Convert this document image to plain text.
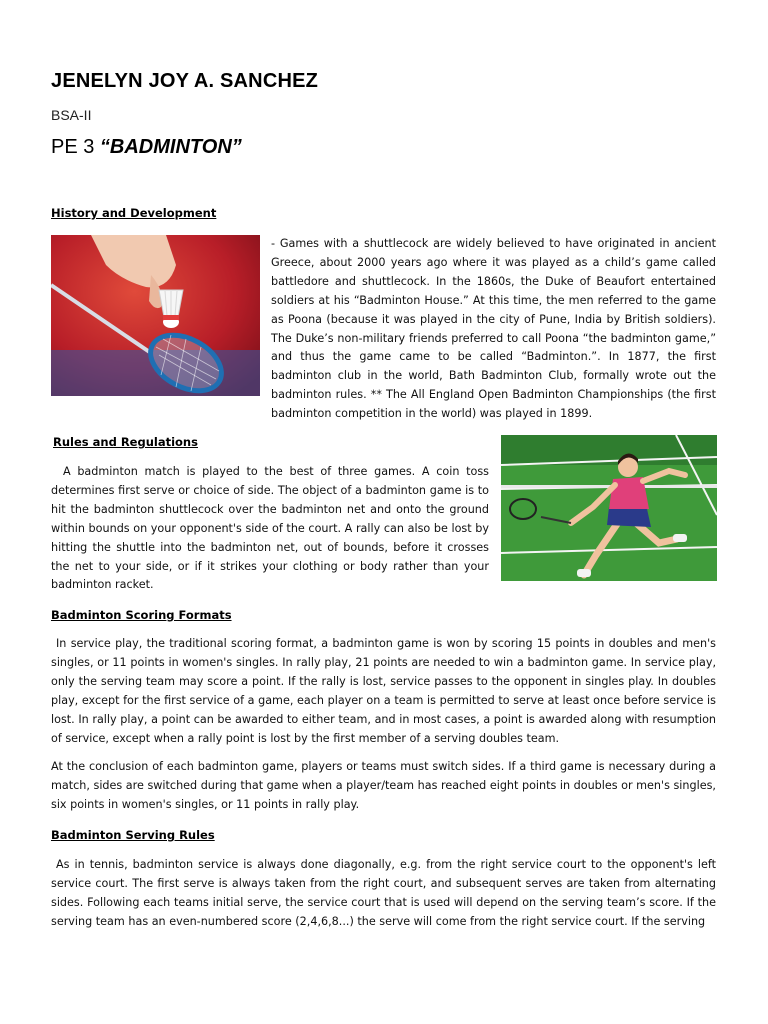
JENELYN JOY A. SANCHEZ
BSA-II
PE 3 “BADMINTON”
History and Development

- Games with a shuttlecock are widely believed to have originated in ancient Greece, about 2000 years ago where it was played as a child’s game called battledore and shuttlecock. In the 1860s, the Duke of Beaufort entertained soldiers at his “Badminton House.” At this time, the men referred to the game as Poona (because it was played in the city of Pune, India by British soldiers). The Duke’s non-military friends preferred to call Poona “the badminton game,” and thus the game came to be called “Badminton.”. In 1877, the first badminton club in the world, Bath Badminton Club, formally wrote out the badminton rules. ** The All England Open Badminton Championships (the first badminton competition in the world) was played in 1899.

Rules and Regulations

A badminton match is played to the best of three games. A coin toss determines first serve or choice of side. The object of a badminton game is to hit the badminton shuttlecock over the badminton net and onto the ground within bounds on your opponent's side of the court. A rally can also be lost by hitting the shuttle into the badminton net, out of bounds, before it crosses the net to your side, or if it strikes your clothing or body rather than your badminton racket.

Badminton Scoring Formats

In service play, the traditional scoring format, a badminton game is won by scoring 15 points in doubles and men's singles, or 11 points in women's singles. In rally play, 21 points are needed to win a badminton game. In service play, only the serving team may score a point. If the rally is lost, service passes to the opponent in singles play. In doubles play, except for the first service of a game, each player on a team is permitted to serve at least once before service is lost. In rally play, a point can be awarded to either team, and in most cases, a point is awarded along with resumption of service, except when a rally point is lost by the first member of a serving doubles team.

At the conclusion of each badminton game, players or teams must switch sides. If a third game is necessary during a match, sides are switched during that game when a player/team has reached eight points in doubles or men's singles, six points in women's singles, or 11 points in rally play.

Badminton Serving Rules

As in tennis, badminton service is always done diagonally, e.g. from the right service court to the opponent's left service court. The first serve is always taken from the right court, and subsequent serves are taken from alternating sides. Following each teams initial serve, the service court that is used will depend on the serving team’s score. If the serving team has an even-numbered score (2,4,6,8...) the serve will come from the right service court. If the serving
